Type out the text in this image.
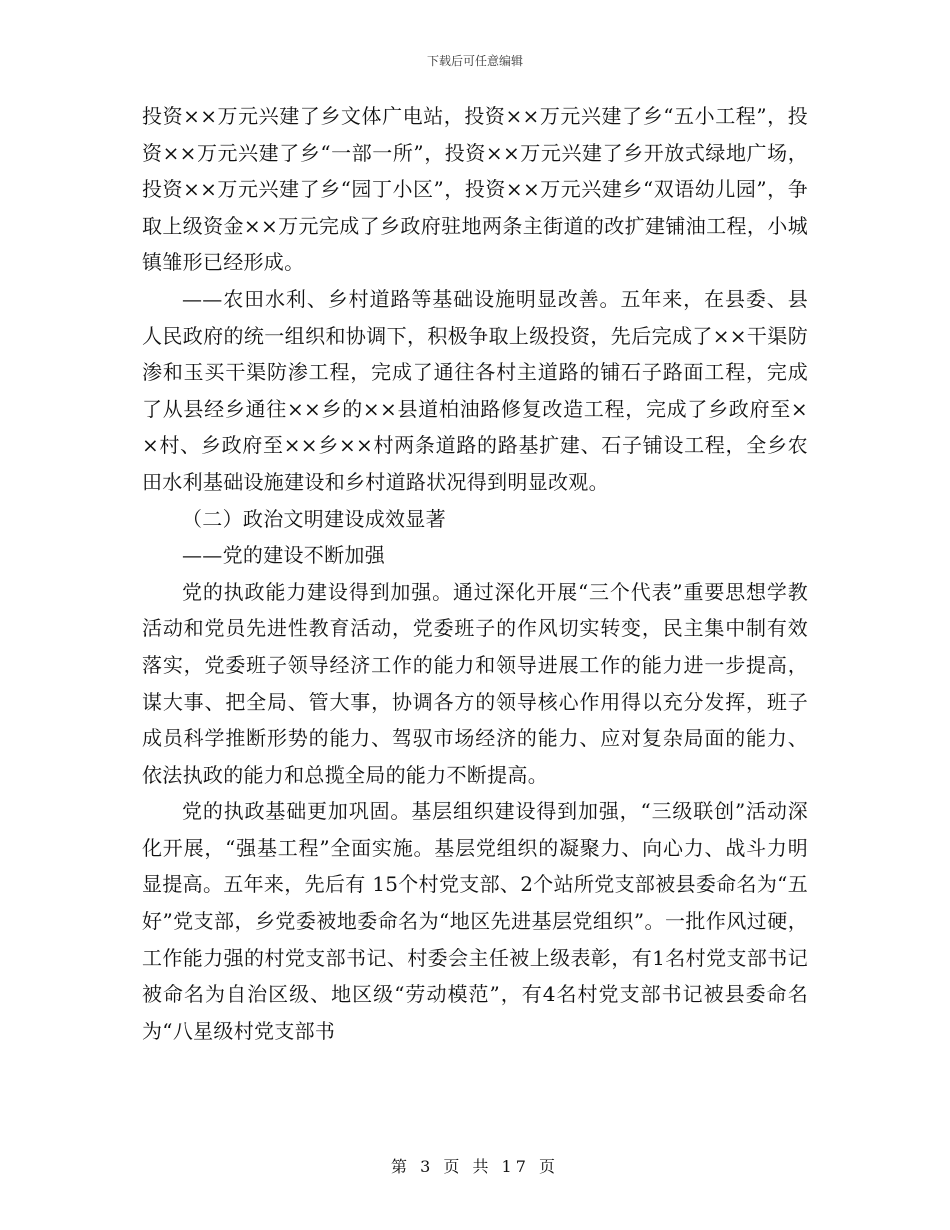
下载后可任意编辑

投资××万元兴建了乡文体广电站，投资××万元兴建了乡“五小工程”，投资××万元兴建了乡“一部一所”，投资××万元兴建了乡开放式绿地广场，投资××万元兴建了乡“园丁小区”，投资××万元兴建乡“双语幼儿园”，争取上级资金××万元完成了乡政府驻地两条主街道的改扩建铺油工程，小城镇雏形已经形成。

——农田水利、乡村道路等基础设施明显改善。五年来，在县委、县人民政府的统一组织和协调下，积极争取上级投资，先后完成了××干渠防渗和玉买干渠防渗工程，完成了通往各村主道路的铺石子路面工程，完成了从县经乡通往××乡的××县道柏油路修复改造工程，完成了乡政府至××村、乡政府至××乡××村两条道路的路基扩建、石子铺设工程，全乡农田水利基础设施建设和乡村道路状况得到明显改观。

（二）政治文明建设成效显著

——党的建设不断加强

党的执政能力建设得到加强。通过深化开展“三个代表”重要思想学教活动和党员先进性教育活动，党委班子的作风切实转变，民主集中制有效落实，党委班子领导经济工作的能力和领导进展工作的能力进一步提高，谋大事、把全局、管大事，协调各方的领导核心作用得以充分发挥，班子成员科学推断形势的能力、驾驭市场经济的能力、应对复杂局面的能力、依法执政的能力和总揽全局的能力不断提高。

党的执政基础更加巩固。基层组织建设得到加强，“三级联创”活动深化开展，“强基工程”全面实施。基层党组织的凝聚力、向心力、战斗力明显提高。五年来，先后有 15个村党支部、2个站所党支部被县委命名为“五好”党支部，乡党委被地委命名为“地区先进基层党组织”。一批作风过硬，工作能力强的村党支部书记、村委会主任被上级表彰，有1名村党支部书记被命名为自治区级、地区级“劳动模范”，有4名村党支部书记被县委命名为“八星级村党支部书

第 3 页 共 17 页
